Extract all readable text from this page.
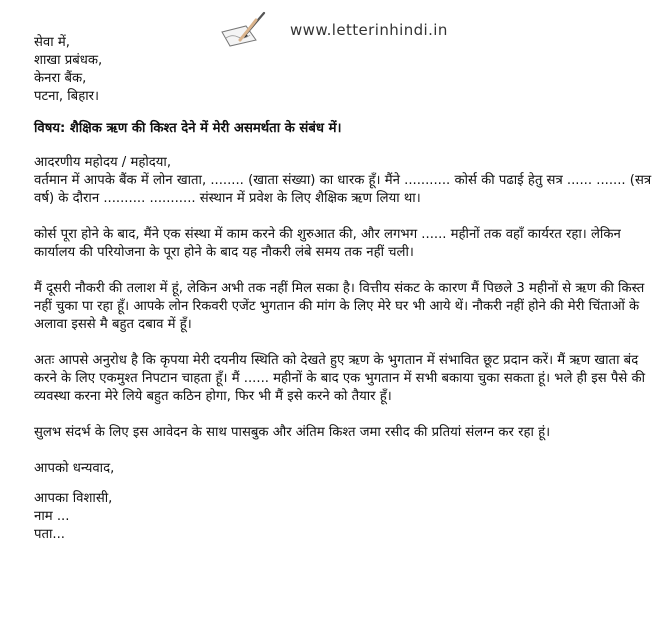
www.letterinhindi.in
सेवा में,
शाखा प्रबंधक,
केनरा बैंक,
पटना, बिहार।
विषय: शैक्षिक ऋण की किश्त देने में मेरी असमर्थता के संबंध में।
आदरणीय महोदय / महोदया,

वर्तमान में आपके बैंक में लोन खाता, ........ (खाता संख्या) का धारक हूँ। मैंने ........... कोर्स की पढाई हेतु सत्र ...... ....... (सत्र वर्ष) के दौरान .......... ........... संस्थान में प्रवेश के लिए शैक्षिक ऋण लिया था।

कोर्स पूरा होने के बाद, मैंने एक संस्था में काम करने की शुरुआत की, और लगभग ...... महीनों तक वहाँ कार्यरत रहा। लेकिन कार्यालय की परियोजना के पूरा होने के बाद यह नौकरी लंबे समय तक नहीं चली।

मैं दूसरी नौकरी की तलाश में हूं, लेकिन अभी तक नहीं मिल सका है। वित्तीय संकट के कारण मैं पिछले 3 महीनों से ऋण की किस्त नहीं चुका पा रहा हूँ। आपके लोन रिकवरी एजेंट भुगतान की मांग के लिए मेरे घर भी आये थें। नौकरी नहीं होने की मेरी चिंताओं के अलावा इससे मै बहुत दबाव में हूँ।

अतः आपसे अनुरोध है कि कृपया मेरी दयनीय स्थिति को देखते हुए ऋण के भुगतान में संभावित छूट प्रदान करें। मैं ऋण खाता बंद करने के लिए एकमुश्त निपटान चाहता हूँ। मैं ...... महीनों के बाद एक भुगतान में सभी बकाया चुका सकता हूं। भले ही इस पैसे की व्यवस्था करना मेरे लिये बहुत कठिन होगा, फिर भी मैं इसे करने को तैयार हूँ।

सुलभ संदर्भ के लिए इस आवेदन के साथ पासबुक और अंतिम किश्त जमा रसीद की प्रतियां संलग्न कर रहा हूं।

आपको धन्यवाद,
आपका विशासी,
नाम ...
पता...
